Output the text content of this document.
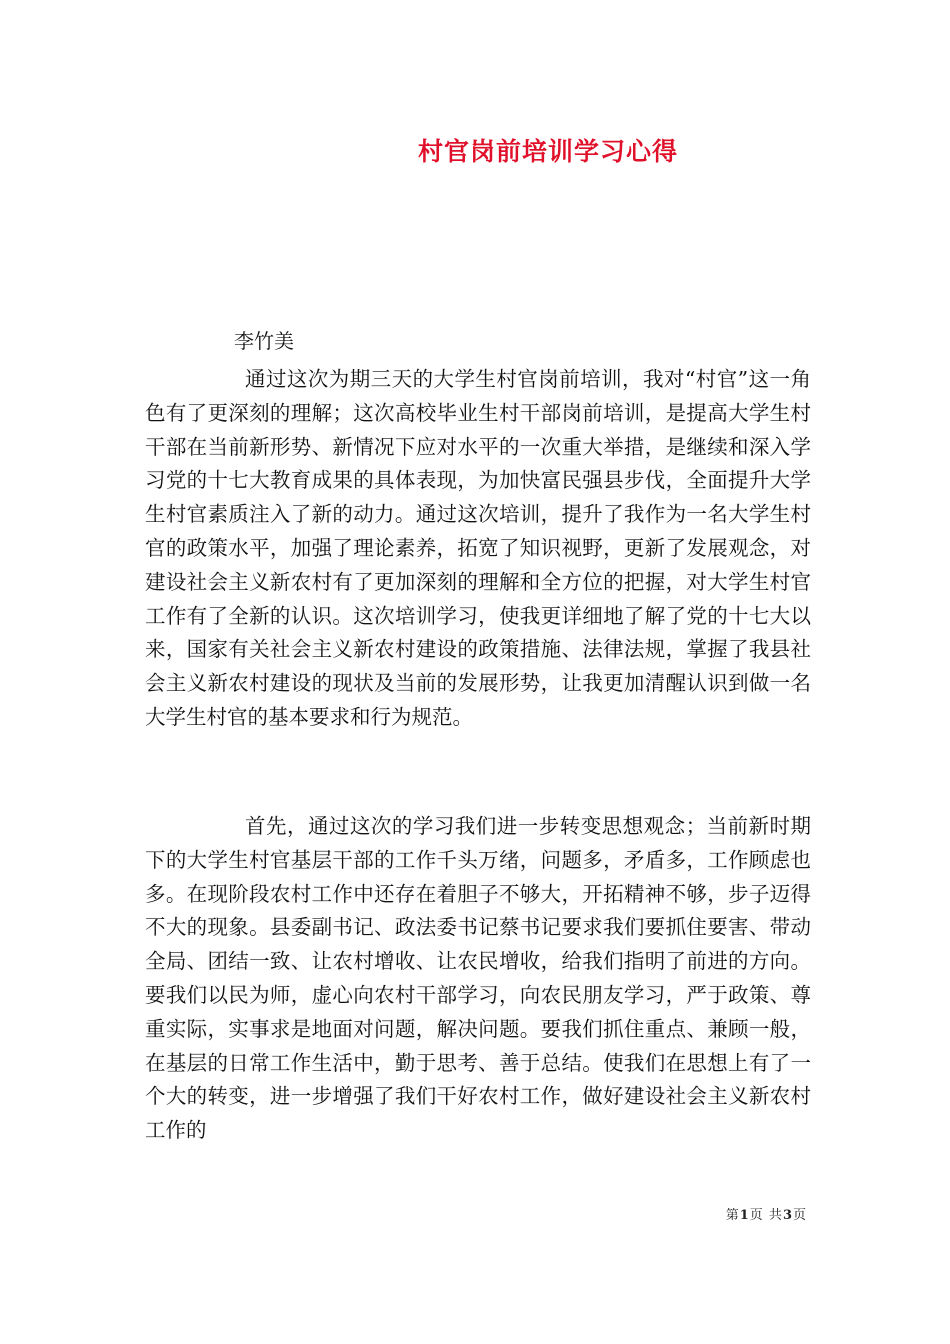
村官岗前培训学习心得
李竹美

通过这次为期三天的大学生村官岗前培训，我对“村官”这一角色有了更深刻的理解；这次高校毕业生村干部岗前培训，是提高大学生村干部在当前新形势、新情况下应对水平的一次重大举措，是继续和深入学习党的十七大教育成果的具体表现，为加快富民强县步伐，全面提升大学生村官素质注入了新的动力。通过这次培训，提升了我作为一名大学生村官的政策水平，加强了理论素养，拓宽了知识视野，更新了发展观念，对建设社会主义新农村有了更加深刻的理解和全方位的把握，对大学生村官工作有了全新的认识。这次培训学习，使我更详细地了解了党的十七大以来，国家有关社会主义新农村建设的政策措施、法律法规，掌握了我县社会主义新农村建设的现状及当前的发展形势，让我更加清醒认识到做一名大学生村官的基本要求和行为规范。

首先，通过这次的学习我们进一步转变思想观念；当前新时期下的大学生村官基层干部的工作千头万绪，问题多，矛盾多，工作顾虑也多。在现阶段农村工作中还存在着胆子不够大，开拓精神不够，步子迈得不大的现象。县委副书记、政法委书记蔡书记要求我们要抓住要害、带动全局、团结一致、让农村增收、让农民增收，给我们指明了前进的方向。要我们以民为师，虚心向农村干部学习，向农民朋友学习，严于政策、尊重实际，实事求是地面对问题，解决问题。要我们抓住重点、兼顾一般，在基层的日常工作生活中，勤于思考、善于总结。使我们在思想上有了一个大的转变，进一步增强了我们干好农村工作，做好建设社会主义新农村工作的

第1页 共3页
